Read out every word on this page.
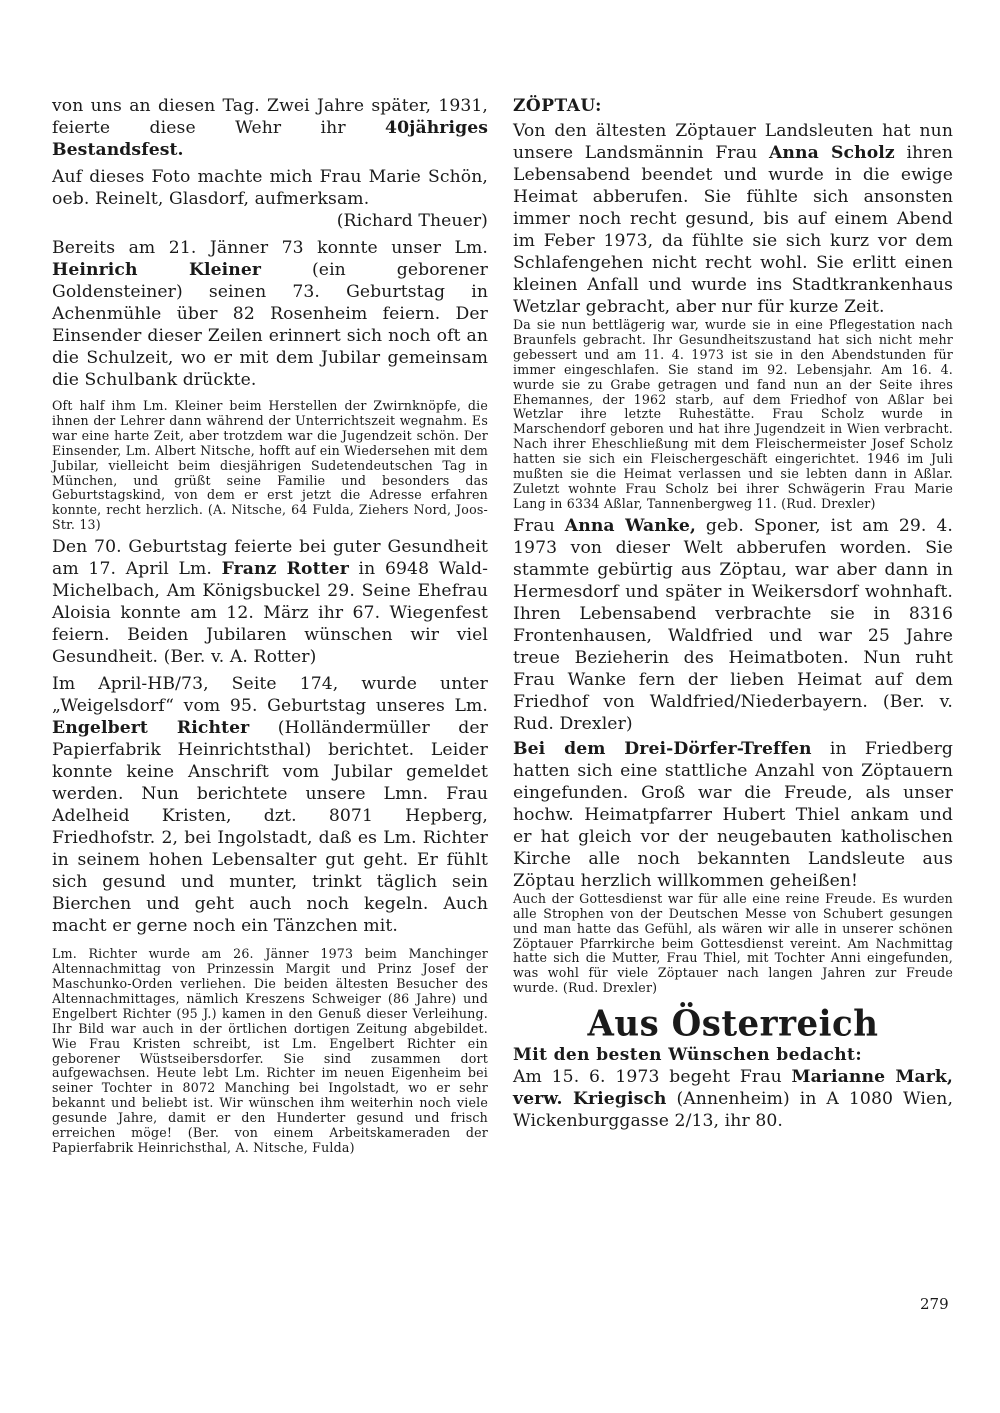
von uns an diesen Tag. Zwei Jahre später, 1931, feierte diese Wehr ihr 40jähriges Bestandsfest.

Auf dieses Foto machte mich Frau Marie Schön, oeb. Reinelt, Glasdorf, aufmerksam.

(Richard Theuer)

Bereits am 21. Jänner 73 konnte unser Lm. Heinrich Kleiner (ein geborener Goldensteiner) seinen 73. Geburtstag in Achenmühle über 82 Rosenheim feiern. Der Einsender dieser Zeilen erinnert sich noch oft an die Schulzeit, wo er mit dem Jubilar gemeinsam die Schulbank drückte.

Oft half ihm Lm. Kleiner beim Herstellen der Zwirnknöpfe, die ihnen der Lehrer dann während der Unterrichtszeit wegnahm. Es war eine harte Zeit, aber trotzdem war die Jugendzeit schön. Der Einsender, Lm. Albert Nitsche, hofft auf ein Wiedersehen mit dem Jubilar, vielleicht beim diesjährigen Sudetendeutschen Tag in München, und grüßt seine Familie und besonders das Geburtstagskind, von dem er erst jetzt die Adresse erfahren konnte, recht herzlich. (A. Nitsche, 64 Fulda, Ziehers Nord, Joos-Str. 13)

Den 70. Geburtstag feierte bei guter Gesundheit am 17. April Lm. Franz Rotter in 6948 Wald-Michelbach, Am Königsbuckel 29. Seine Ehefrau Aloisia konnte am 12. März ihr 67. Wiegenfest feiern. Beiden Jubilaren wünschen wir viel Gesundheit. (Ber. v. A. Rotter)

Im April-HB/73, Seite 174, wurde unter „Weigelsdorf“ vom 95. Geburtstag unseres Lm. Engelbert Richter (Holländermüller der Papierfabrik Heinrichtsthal) berichtet. Leider konnte keine Anschrift vom Jubilar gemeldet werden. Nun berichtete unsere Lmn. Frau Adelheid Kristen, dzt. 8071 Hepberg, Friedhofstr. 2, bei Ingolstadt, daß es Lm. Richter in seinem hohen Lebensalter gut geht. Er fühlt sich gesund und munter, trinkt täglich sein Bierchen und geht auch noch kegeln. Auch macht er gerne noch ein Tänzchen mit.

Lm. Richter wurde am 26. Jänner 1973 beim Manchinger Altennachmittag von Prinzessin Margit und Prinz Josef der Maschunko-Orden verliehen. Die beiden ältesten Besucher des Altennachmittages, nämlich Kreszens Schweiger (86 Jahre) und Engelbert Richter (95 J.) kamen in den Genuß dieser Verleihung. Ihr Bild war auch in der örtlichen dortigen Zeitung abgebildet. Wie Frau Kristen schreibt, ist Lm. Engelbert Richter ein geborener Wüstseibersdorfer. Sie sind zusammen dort aufgewachsen. Heute lebt Lm. Richter im neuen Eigenheim bei seiner Tochter in 8072 Manching bei Ingolstadt, wo er sehr bekannt und beliebt ist. Wir wünschen ihm weiterhin noch viele gesunde Jahre, damit er den Hunderter gesund und frisch erreichen möge! (Ber. von einem Arbeitskameraden der Papierfabrik Heinrichsthal, A. Nitsche, Fulda)

ZÖPTAU:

Von den ältesten Zöptauer Landsleuten hat nun unsere Landsmännin Frau Anna Scholz ihren Lebensabend beendet und wurde in die ewige Heimat abberufen. Sie fühlte sich ansonsten immer noch recht gesund, bis auf einem Abend im Feber 1973, da fühlte sie sich kurz vor dem Schlafengehen nicht recht wohl. Sie erlitt einen kleinen Anfall und wurde ins Stadtkrankenhaus Wetzlar gebracht, aber nur für kurze Zeit.

Da sie nun bettlägerig war, wurde sie in eine Pflegestation nach Braunfels gebracht. Ihr Gesundheitszustand hat sich nicht mehr gebessert und am 11. 4. 1973 ist sie in den Abendstunden für immer eingeschlafen. Sie stand im 92. Lebensjahr. Am 16. 4. wurde sie zu Grabe getragen und fand nun an der Seite ihres Ehemannes, der 1962 starb, auf dem Friedhof von Aßlar bei Wetzlar ihre letzte Ruhestätte. Frau Scholz wurde in Marschendorf geboren und hat ihre Jugendzeit in Wien verbracht. Nach ihrer Eheschließung mit dem Fleischermeister Josef Scholz hatten sie sich ein Fleischergeschäft eingerichtet. 1946 im Juli mußten sie die Heimat verlassen und sie lebten dann in Aßlar. Zuletzt wohnte Frau Scholz bei ihrer Schwägerin Frau Marie Lang in 6334 Aßlar, Tannenbergweg 11. (Rud. Drexler)

Frau Anna Wanke, geb. Sponer, ist am 29. 4. 1973 von dieser Welt abberufen worden. Sie stammte gebürtig aus Zöptau, war aber dann in Hermesdorf und später in Weikersdorf wohnhaft. Ihren Lebensabend verbrachte sie in 8316 Frontenhausen, Waldfried und war 25 Jahre treue Bezieherin des Heimatboten. Nun ruht Frau Wanke fern der lieben Heimat auf dem Friedhof von Waldfried/Niederbayern. (Ber. v. Rud. Drexler)

Bei dem Drei-Dörfer-Treffen in Friedberg hatten sich eine stattliche Anzahl von Zöptauern eingefunden. Groß war die Freude, als unser hochw. Heimatpfarrer Hubert Thiel ankam und er hat gleich vor der neugebauten katholischen Kirche alle noch bekannten Landsleute aus Zöptau herzlich willkommen geheißen!

Auch der Gottesdienst war für alle eine reine Freude. Es wurden alle Strophen von der Deutschen Messe von Schubert gesungen und man hatte das Gefühl, als wären wir alle in unserer schönen Zöptauer Pfarrkirche beim Gottesdienst vereint. Am Nachmittag hatte sich die Mutter, Frau Thiel, mit Tochter Anni eingefunden, was wohl für viele Zöptauer nach langen Jahren zur Freude wurde. (Rud. Drexler)

Aus Österreich
Mit den besten Wünschen bedacht:

Am 15. 6. 1973 begeht Frau Marianne Mark, verw. Kriegisch (Annenheim) in A 1080 Wien, Wickenburggasse 2/13, ihr 80.

279
